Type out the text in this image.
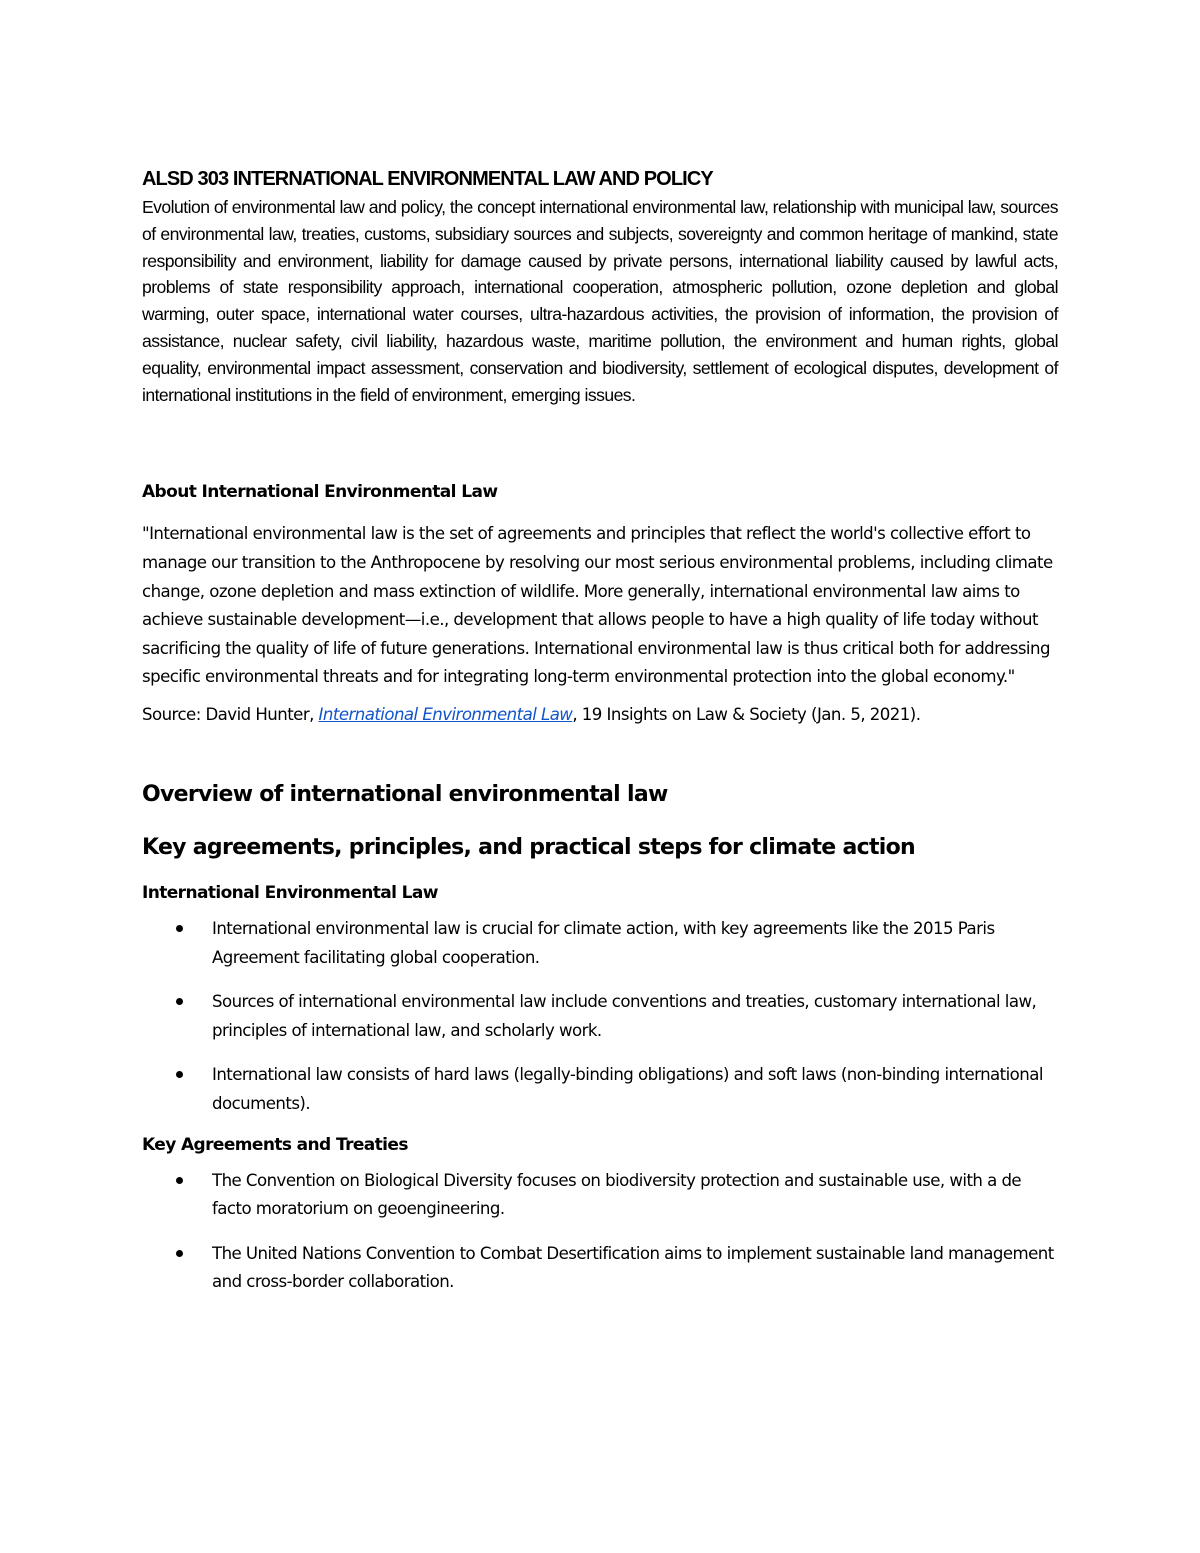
ALSD 303 INTERNATIONAL ENVIRONMENTAL LAW AND POLICY

Evolution of environmental law and policy, the concept international environmental law, relationship with municipal law, sources of environmental law, treaties, customs, subsidiary sources and subjects, sovereignty and common heritage of mankind, state responsibility and environment, liability for damage caused by private persons, international liability caused by lawful acts, problems of state responsibility approach, international cooperation, atmospheric pollution, ozone depletion and global warming, outer space, international water courses, ultra-hazardous activities, the provision of information, the provision of assistance, nuclear safety, civil liability, hazardous waste, maritime pollution, the environment and human rights, global equality, environmental impact assessment, conservation and biodiversity, settlement of ecological disputes, development of international institutions in the field of environment, emerging issues.

About International Environmental Law

"International environmental law is the set of agreements and principles that reflect the world's collective effort to manage our transition to the Anthropocene by resolving our most serious environmental problems, including climate change, ozone depletion and mass extinction of wildlife. More generally, international environmental law aims to achieve sustainable development—i.e., development that allows people to have a high quality of life today without sacrificing the quality of life of future generations. International environmental law is thus critical both for addressing specific environmental threats and for integrating long-term environmental protection into the global economy."

Source: David Hunter, International Environmental Law, 19 Insights on Law & Society (Jan. 5, 2021).

Overview of international environmental law
Key agreements, principles, and practical steps for climate action
International Environmental Law
International environmental law is crucial for climate action, with key agreements like the 2015 Paris Agreement facilitating global cooperation.
Sources of international environmental law include conventions and treaties, customary international law, principles of international law, and scholarly work.
International law consists of hard laws (legally-binding obligations) and soft laws (non-binding international documents).
Key Agreements and Treaties
The Convention on Biological Diversity focuses on biodiversity protection and sustainable use, with a de facto moratorium on geoengineering.
The United Nations Convention to Combat Desertification aims to implement sustainable land management and cross-border collaboration.
